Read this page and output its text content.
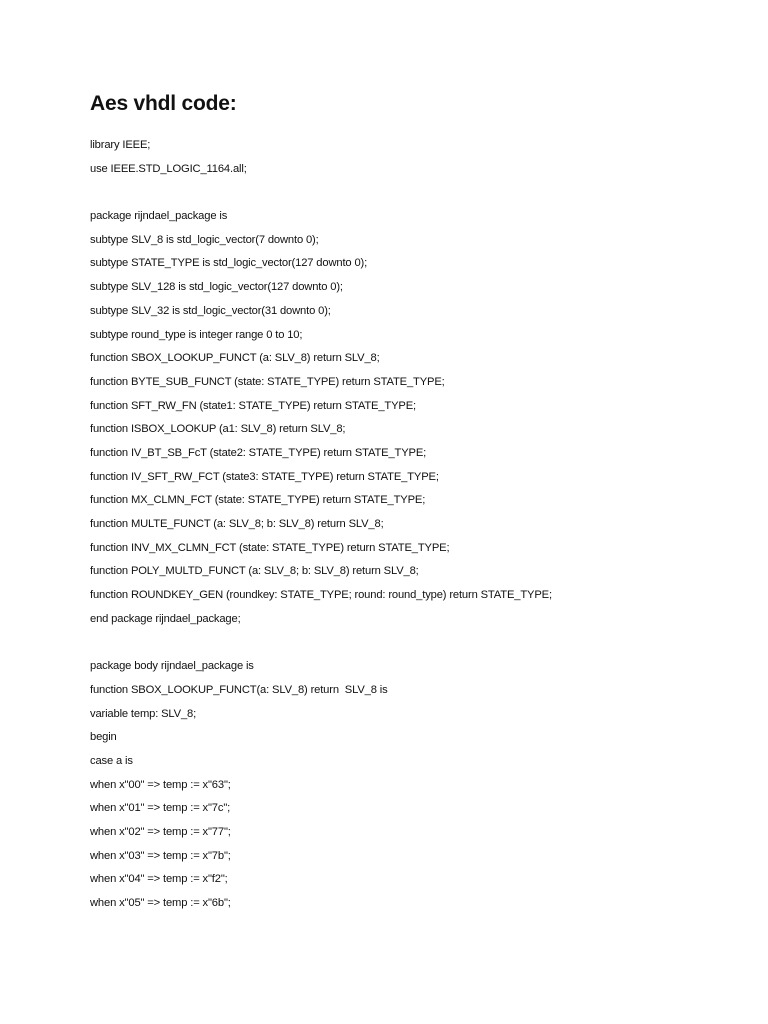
Aes vhdl code:
library IEEE;
use IEEE.STD_LOGIC_1164.all;
package rijndael_package is
subtype SLV_8 is std_logic_vector(7 downto 0);
subtype STATE_TYPE is std_logic_vector(127 downto 0);
subtype SLV_128 is std_logic_vector(127 downto 0);
subtype SLV_32 is std_logic_vector(31 downto 0);
subtype round_type is integer range 0 to 10;
function SBOX_LOOKUP_FUNCT (a: SLV_8) return SLV_8;
function BYTE_SUB_FUNCT (state: STATE_TYPE) return STATE_TYPE;
function SFT_RW_FN (state1: STATE_TYPE) return STATE_TYPE;
function ISBOX_LOOKUP (a1: SLV_8) return SLV_8;
function IV_BT_SB_FcT (state2: STATE_TYPE) return STATE_TYPE;
function IV_SFT_RW_FCT (state3: STATE_TYPE) return STATE_TYPE;
function MX_CLMN_FCT (state: STATE_TYPE) return STATE_TYPE;
function MULTE_FUNCT (a: SLV_8; b: SLV_8) return SLV_8;
function INV_MX_CLMN_FCT (state: STATE_TYPE) return STATE_TYPE;
function POLY_MULTD_FUNCT (a: SLV_8; b: SLV_8) return SLV_8;
function ROUNDKEY_GEN (roundkey: STATE_TYPE; round: round_type) return STATE_TYPE;
end package rijndael_package;
package body rijndael_package is
function SBOX_LOOKUP_FUNCT(a: SLV_8) return  SLV_8 is
variable temp: SLV_8;
begin
case a is
when x"00" => temp := x"63";
when x"01" => temp := x"7c";
when x"02" => temp := x"77";
when x"03" => temp := x"7b";
when x"04" => temp := x"f2";
when x"05" => temp := x"6b";
